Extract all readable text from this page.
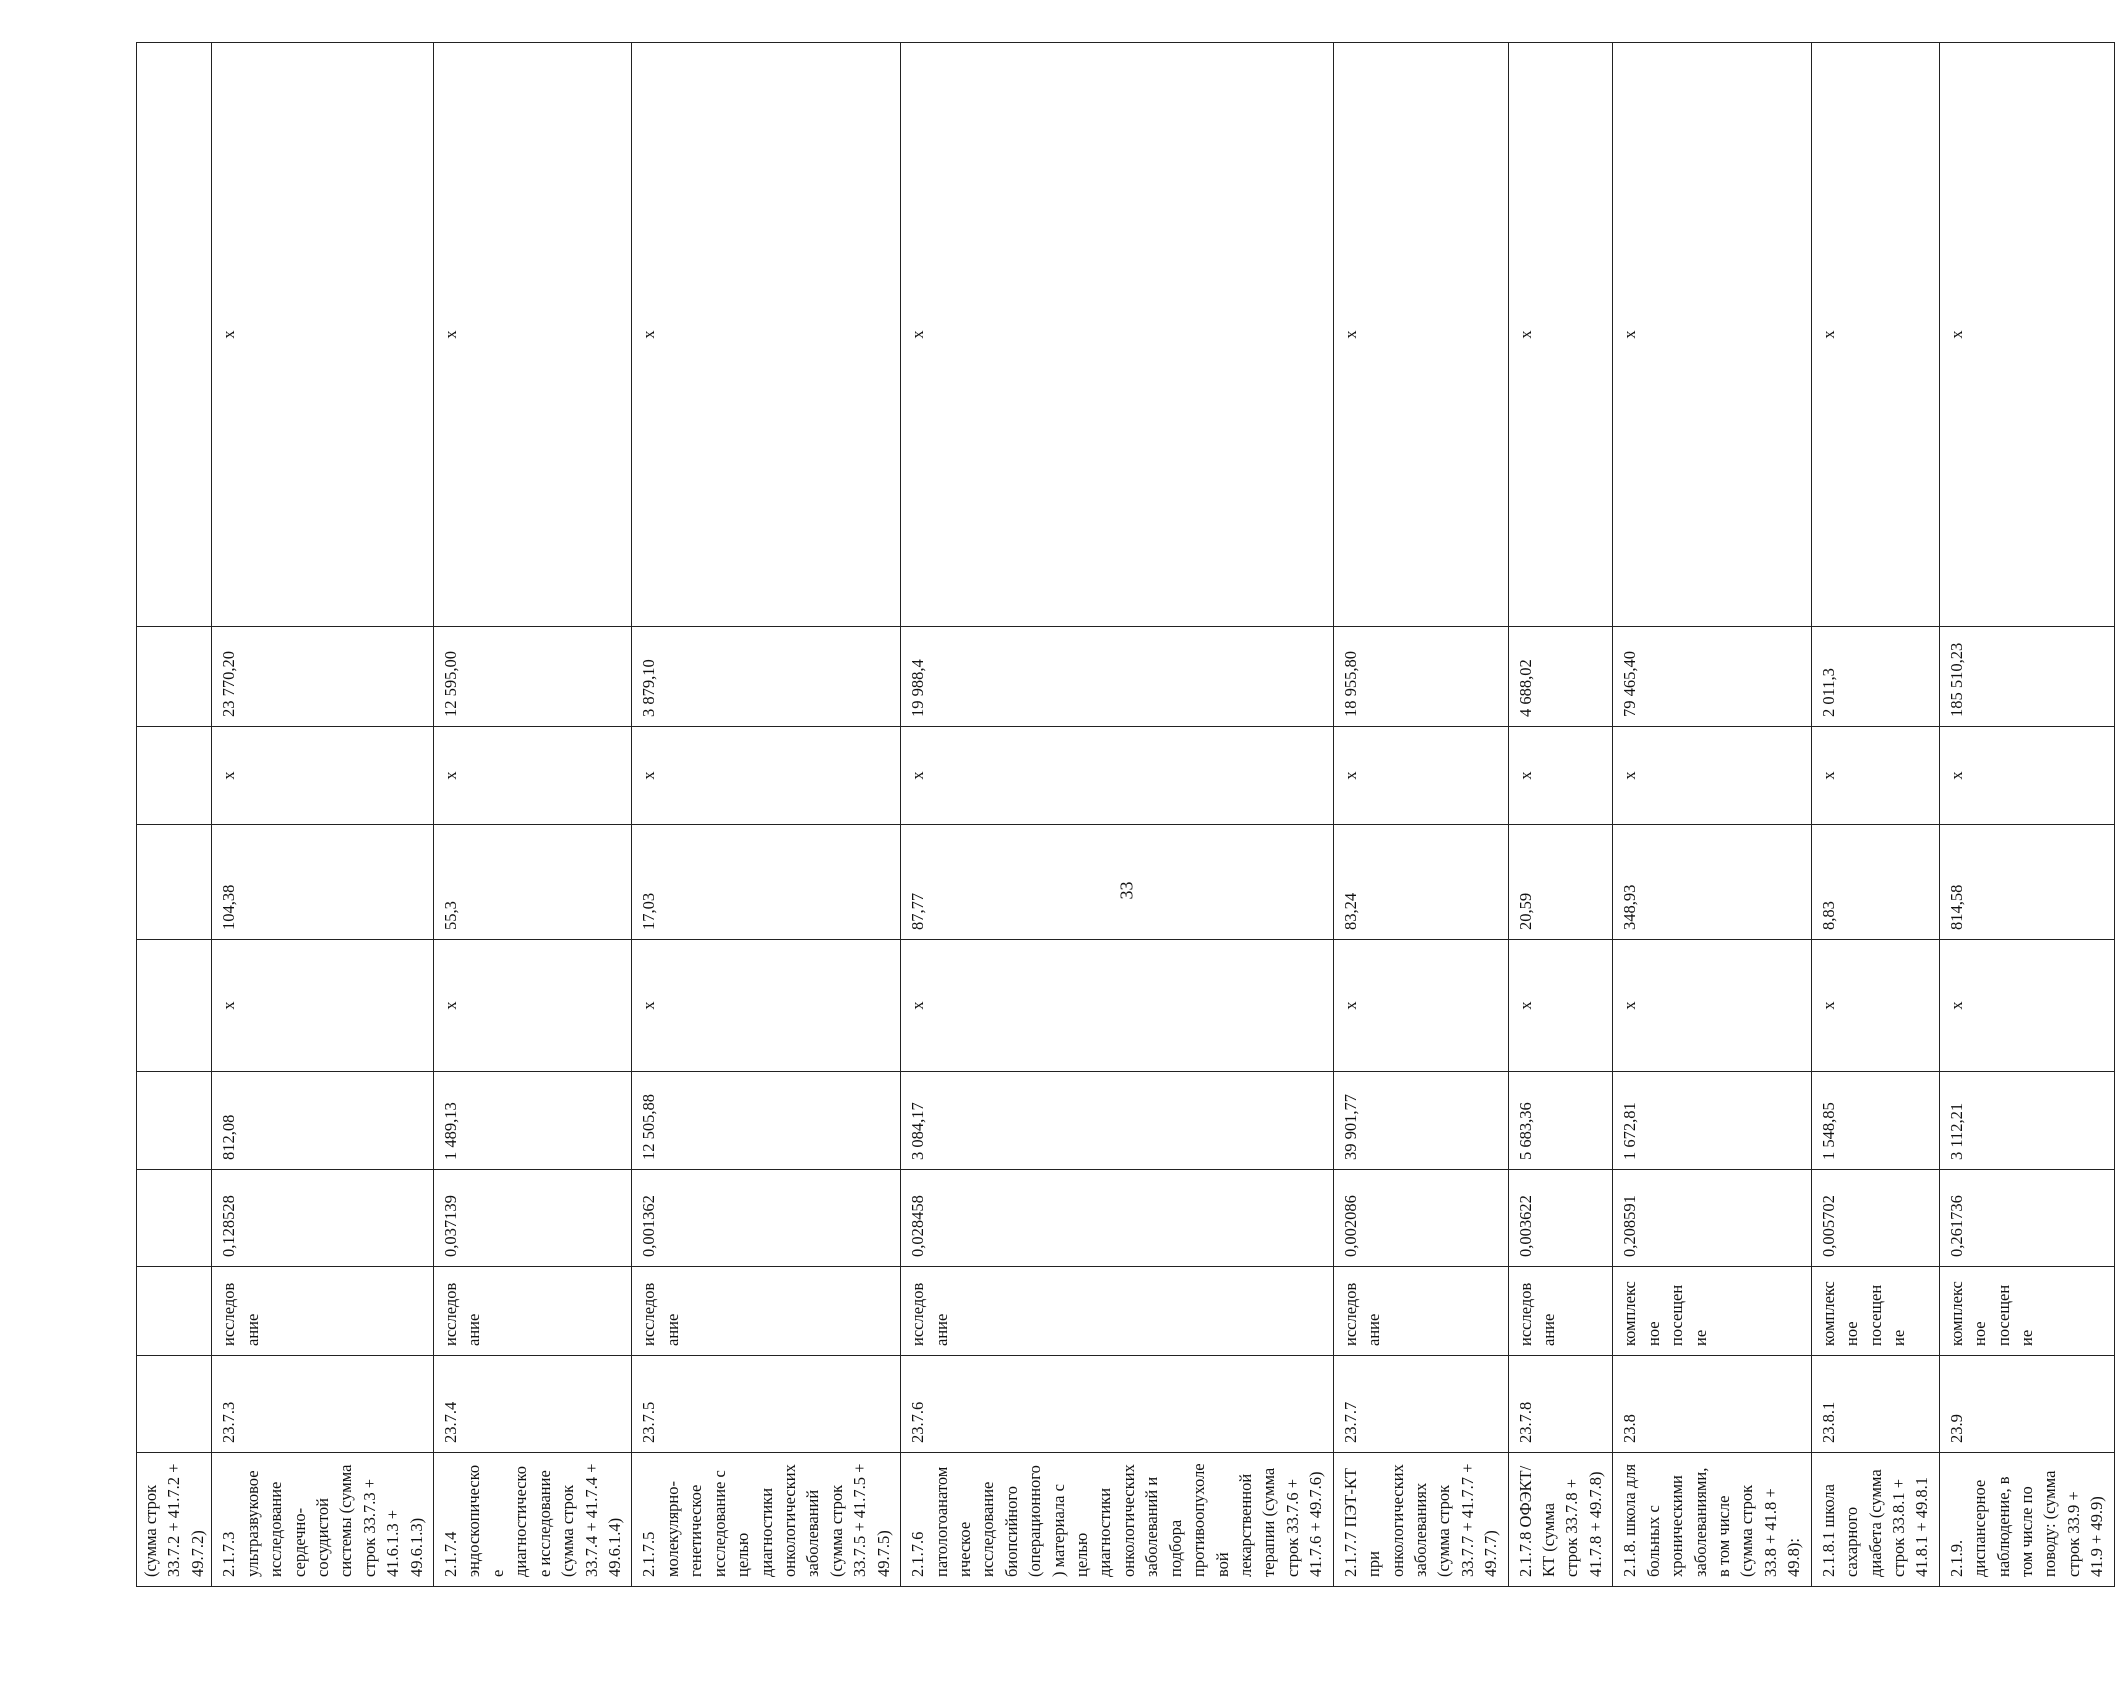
(сумма строк 33.7.2 + 41.7.2 + 49.7.2)									
2.1.7.3 ультразвуковое исследование сердечно-сосудистой системы (сумма строк 33.7.3 + 41.6.1.3 + 49.6.1.3)	23.7.3	исследование	0,128528	812,08	x	104,38	x	23 770,20	x
2.1.7.4 эндоскопическое диагностическое исследование (сумма строк 33.7.4 + 41.7.4 + 49.6.1.4)	23.7.4	исследование	0,037139	1 489,13	x	55,3	x	12 595,00	x
2.1.7.5 молекулярно-генетическое исследование с целью диагностики онкологических заболеваний (сумма строк 33.7.5 + 41.7.5 + 49.7.5)	23.7.5	исследование	0,001362	12 505,88	x	17,03	x	3 879,10	x
2.1.7.6 патологоанатомическое исследование биопсийного (операционного) материала с целью диагностики онкологических заболеваний и подбора противоопухолевой лекарственной терапии (сумма строк 33.7.6 + 41.7.6 + 49.7.6)	23.7.6	исследование	0,028458	3 084,17	x	87,77	x	19 988,4	x
2.1.7.7 ПЭТ-КТ при онкологических заболеваниях (сумма строк 33.7.7 + 41.7.7 + 49.7.7)	23.7.7	исследование	0,002086	39 901,77	x	83,24	x	18 955,80	x
2.1.7.8 ОФЭКТ/КТ (сумма строк 33.7.8 + 41.7.8 + 49.7.8)	23.7.8	исследование	0,003622	5 683,36	x	20,59	x	4 688,02	x
2.1.8. школа для больных с хроническими заболеваниями, в том числе (сумма строк 33.8 + 41.8 + 49.8):	23.8	комплексное посещение	0,208591	1 672,81	x	348,93	x	79 465,40	x
2.1.8.1 школа сахарного диабета (сумма строк 33.8.1 + 41.8.1 + 49.8.1	23.8.1	комплексное посещение	0,005702	1 548,85	x	8,83	x	2 011,3	x
2.1.9. диспансерное наблюдение, в том числе по поводу: (сумма строк 33.9 + 41.9 + 49.9)	23.9	комплексное посещение	0,261736	3 112,21	x	814,58	x	185 510,23	x
33
